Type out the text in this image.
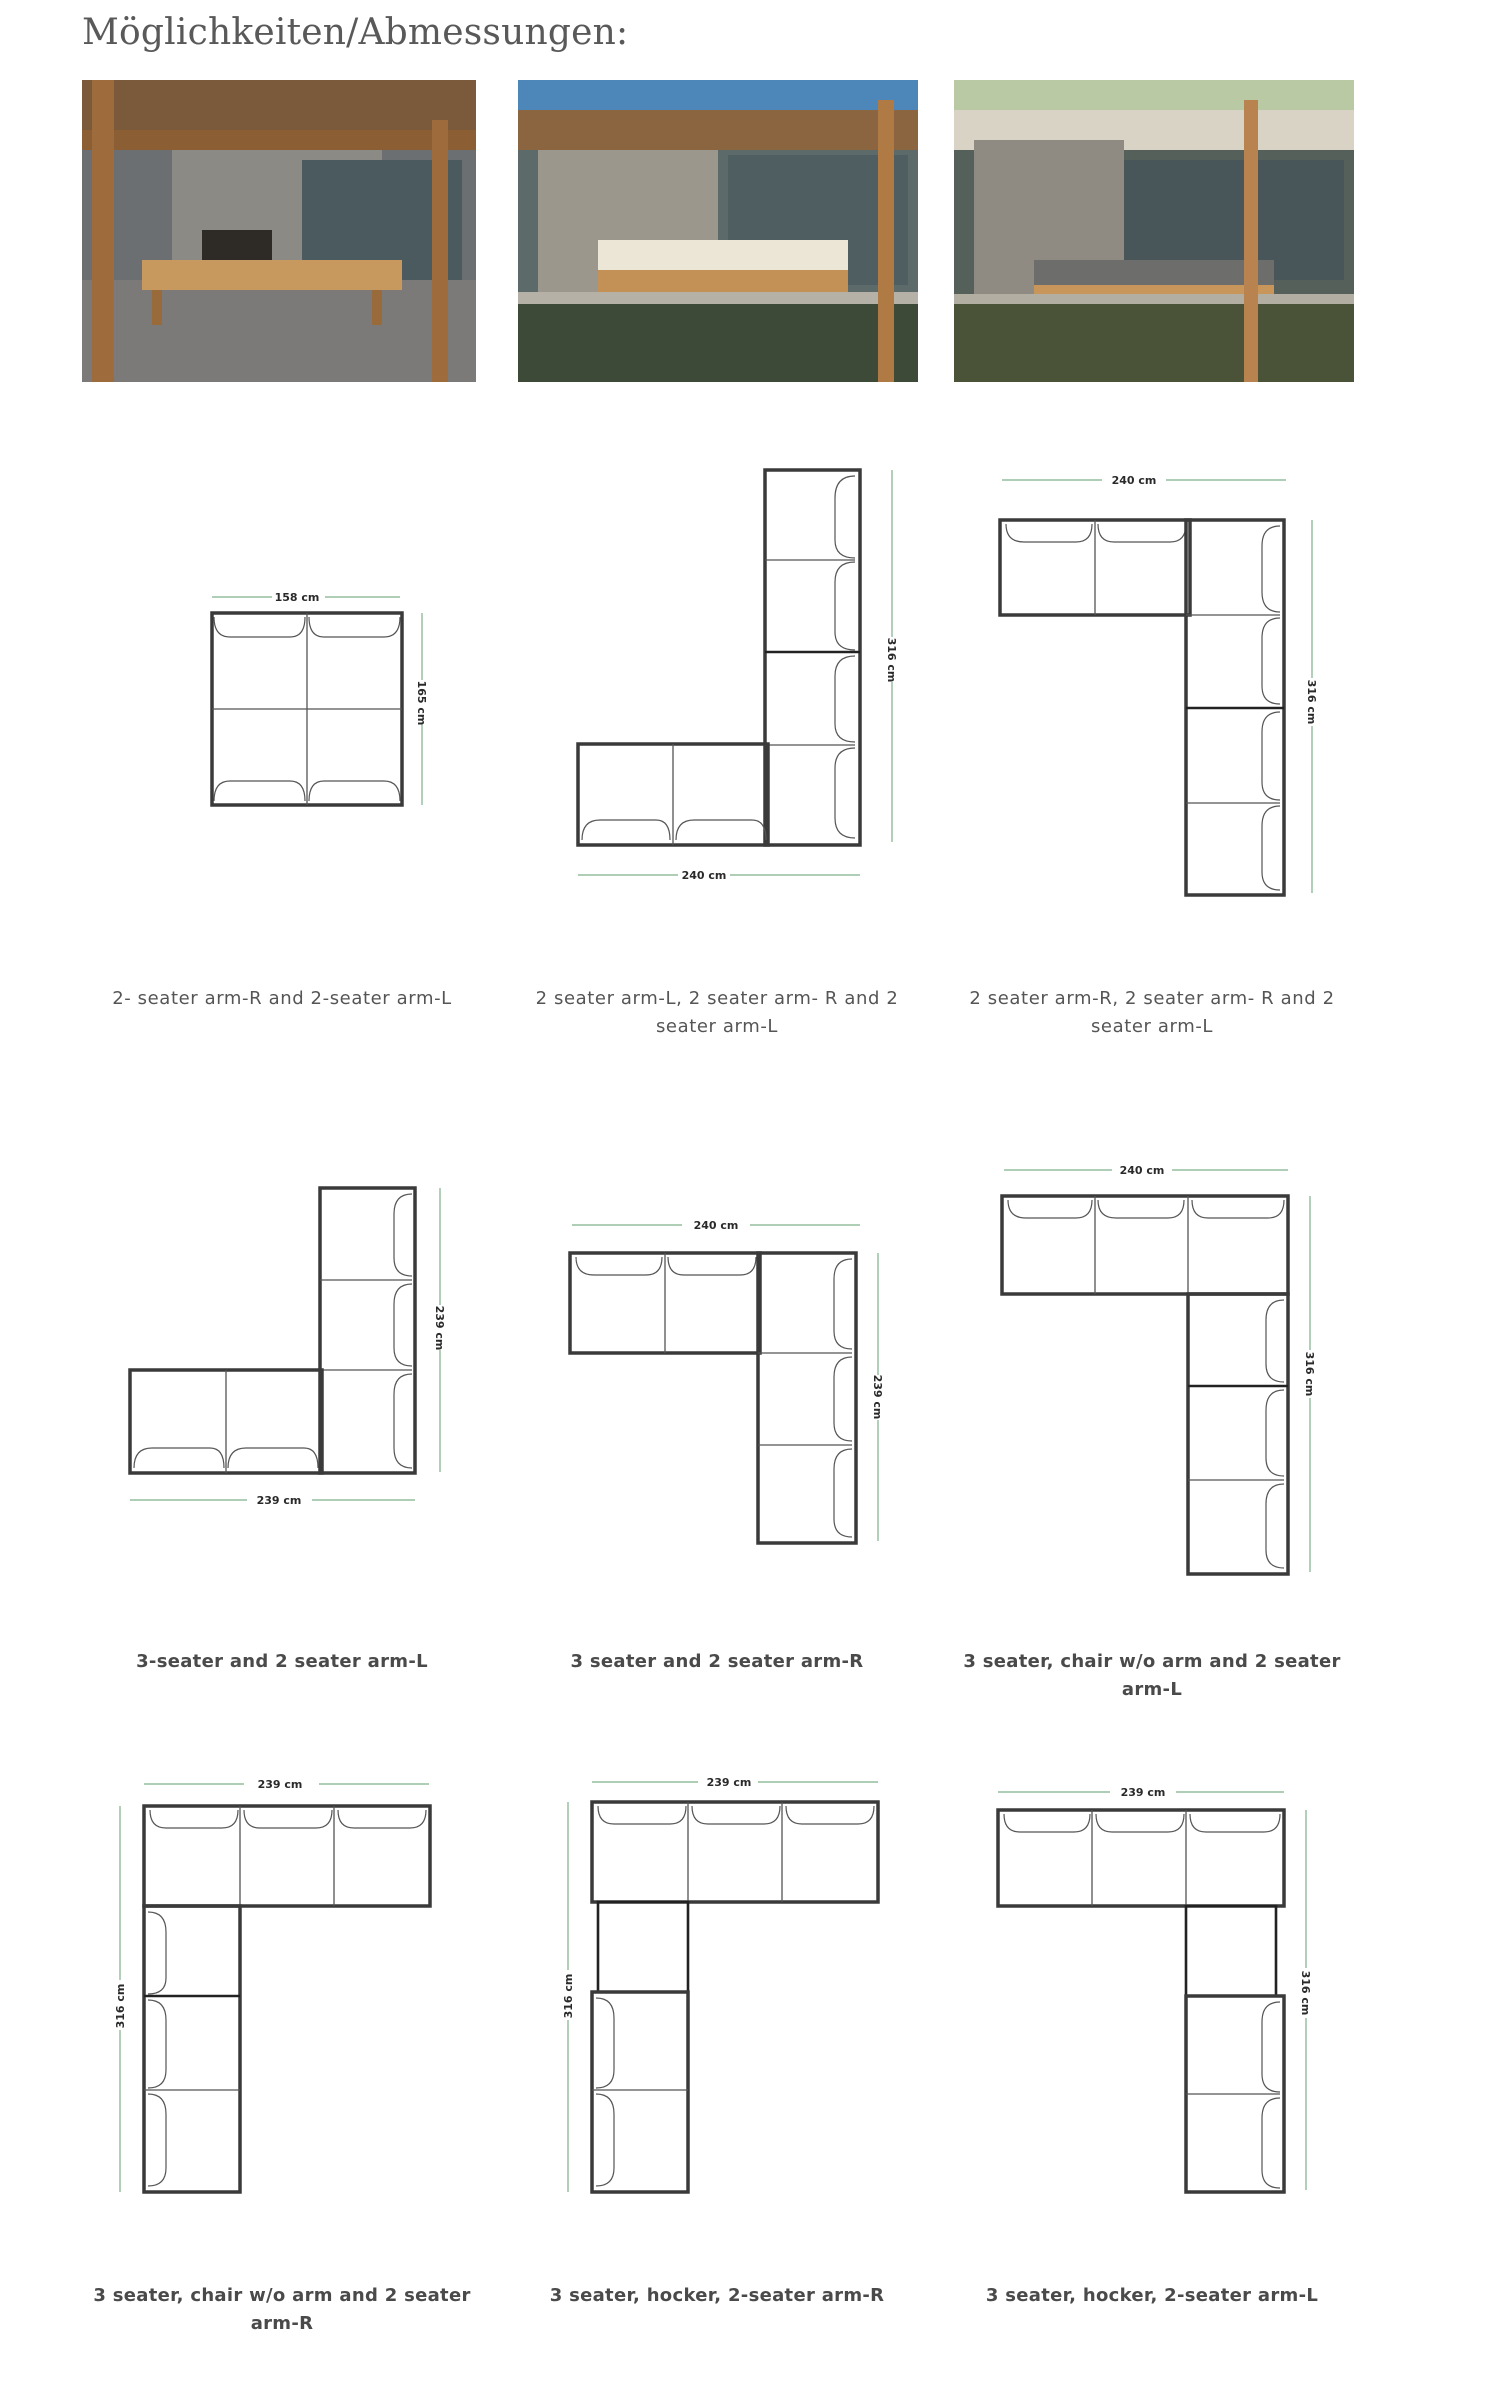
Möglichkeiten/Abmessungen:
158 cm
165 cm
316 cm
240 cm
240 cm
316 cm
2- seater arm-R and 2-seater arm-L	2 seater arm-L, 2 seater arm- R and 2 seater arm-L
2 seater arm-R, 2 seater arm- R and 2 seater arm-L
239 cm
239 cm
240 cm
239 cm
240 cm
316 cm
3-seater and 2 seater arm-L	3 seater and 2 seater arm-R	3 seater, chair w/o arm and 2 seater arm-L
239 cm
316 cm
239 cm
316 cm
239 cm
316 cm
3 seater, chair w/o arm and 2 seater arm-R
3 seater, hocker, 2-seater arm-R	3 seater, hocker, 2-seater arm-L
